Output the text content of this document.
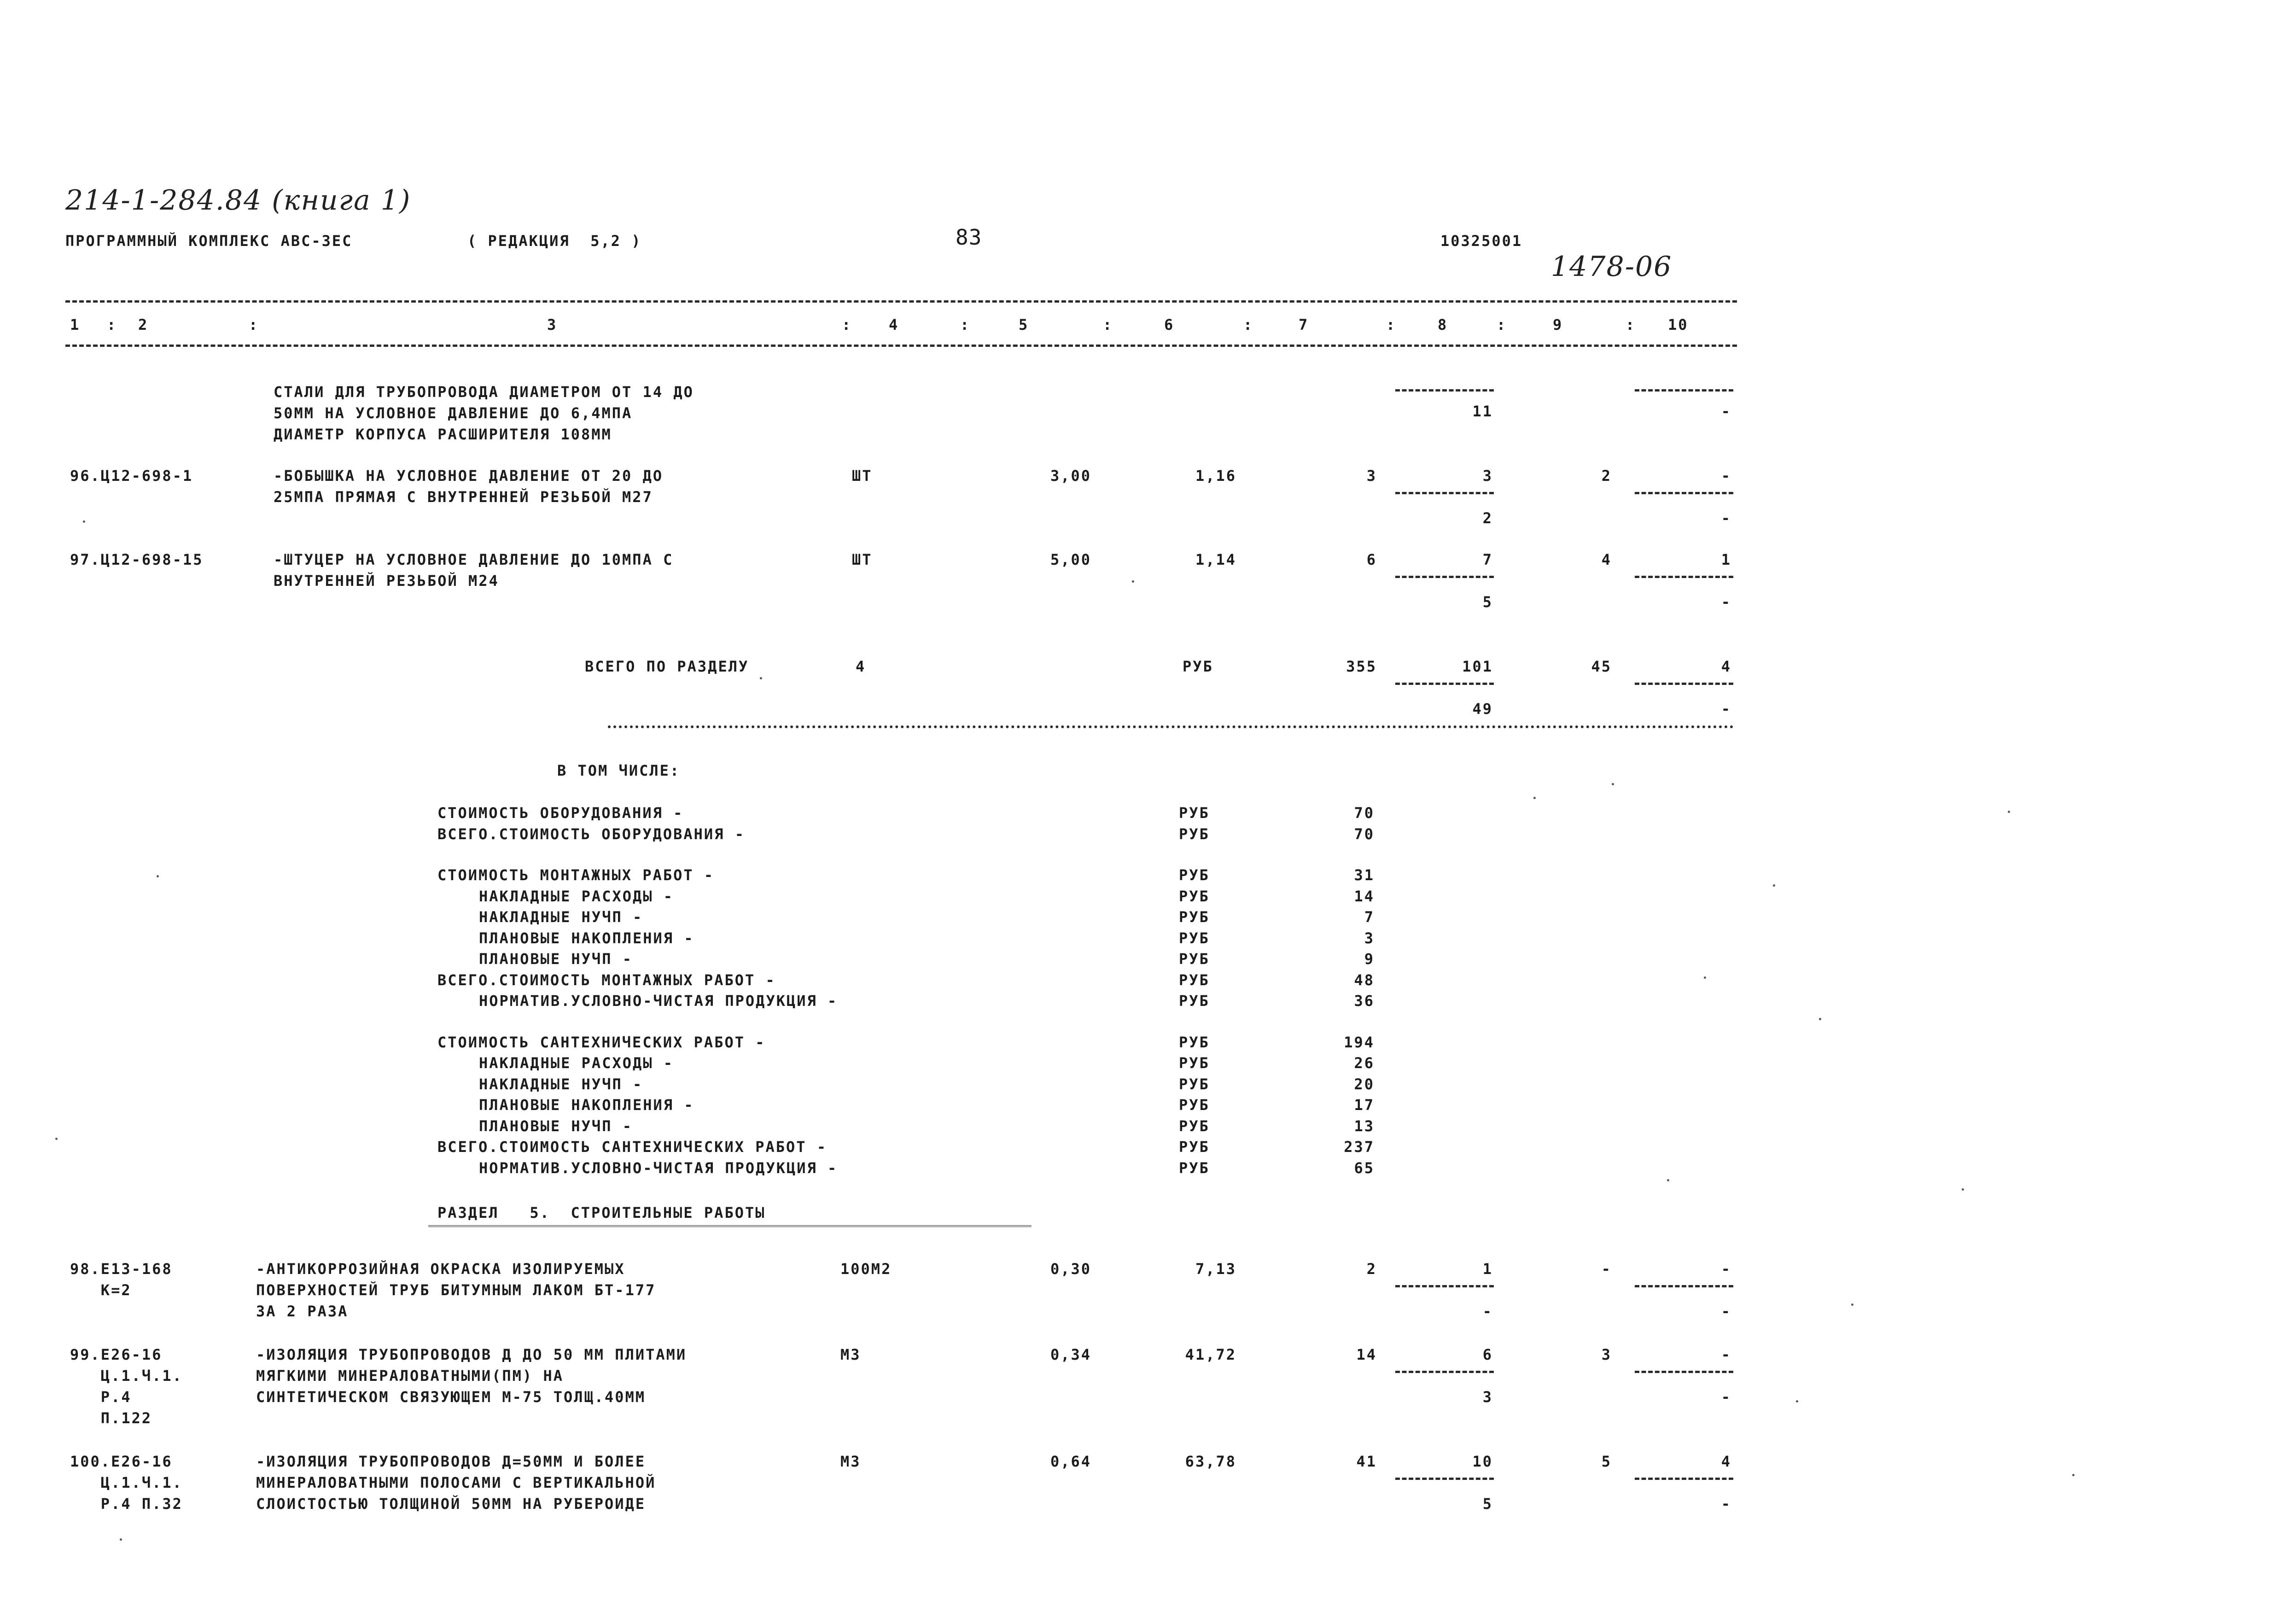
214-1-284.84 (книга 1)
1478-06
ПРОГРАММНЫЙ КОМПЛЕКС АВС-ЗЕС	( РЕДАКЦИЯ  5,2 )	83	10325001
1	2	3	4	5	6	7	8	9	10
:	:	:	:	:	:	:	:	:
СТАЛИ ДЛЯ ТРУБОПРОВОДА ДИАМЕТРОМ ОТ 14 ДО
50ММ НА УСЛОВНОЕ ДАВЛЕНИЕ ДО 6,4МПА
ДИАМЕТР КОРПУСА РАСШИРИТЕЛЯ 108ММ
11	-
96.Ц12-698-1	-БОБЫШКА НА УСЛОВНОЕ ДАВЛЕНИЕ ОТ 20 ДО
25МПА ПРЯМАЯ С ВНУТРЕННЕЙ РЕЗЬБОЙ М27
ШТ	3,00	1,16	3	3	2	-
2	-
97.Ц12-698-15	-ШТУЦЕР НА УСЛОВНОЕ ДАВЛЕНИЕ ДО 10МПА С
ВНУТРЕННЕЙ РЕЗЬБОЙ М24
ШТ	5,00	1,14	6	7	4	1
5	-
ВСЕГО ПО РАЗДЕЛУ	4	РУБ	355	101	45	4
49	-
В ТОМ ЧИСЛЕ:
СТОИМОСТЬ ОБОРУДОВАНИЯ -	РУБ	70
ВСЕГО.СТОИМОСТЬ ОБОРУДОВАНИЯ -	РУБ	70
СТОИМОСТЬ МОНТАЖНЫХ РАБОТ -	РУБ	31
НАКЛАДНЫЕ РАСХОДЫ -	РУБ	14
НАКЛАДНЫЕ НУЧП -	РУБ	7
ПЛАНОВЫЕ НАКОПЛЕНИЯ -	РУБ	3
ПЛАНОВЫЕ НУЧП -	РУБ	9
ВСЕГО.СТОИМОСТЬ МОНТАЖНЫХ РАБОТ -	РУБ	48
НОРМАТИВ.УСЛОВНО-ЧИСТАЯ ПРОДУКЦИЯ -	РУБ	36
СТОИМОСТЬ САНТЕХНИЧЕСКИХ РАБОТ -	РУБ	194
НАКЛАДНЫЕ РАСХОДЫ -	РУБ	26
НАКЛАДНЫЕ НУЧП -	РУБ	20
ПЛАНОВЫЕ НАКОПЛЕНИЯ -	РУБ	17
ПЛАНОВЫЕ НУЧП -	РУБ	13
ВСЕГО.СТОИМОСТЬ САНТЕХНИЧЕСКИХ РАБОТ -	РУБ	237
НОРМАТИВ.УСЛОВНО-ЧИСТАЯ ПРОДУКЦИЯ -	РУБ	65
РАЗДЕЛ   5.  СТРОИТЕЛЬНЫЕ РАБОТЫ
98.Е13-168
К=2
-АНТИКОРРОЗИЙНАЯ ОКРАСКА ИЗОЛИРУЕМЫХ
ПОВЕРХНОСТЕЙ ТРУБ БИТУМНЫМ ЛАКОМ БТ-177
ЗА 2 РАЗА
100М2	0,30	7,13	2	1	-	-
-	-
99.Е26-16
Ц.1.Ч.1.
Р.4
П.122
-ИЗОЛЯЦИЯ ТРУБОПРОВОДОВ Д ДО 50 ММ ПЛИТАМИ
МЯГКИМИ МИНЕРАЛОВАТНЫМИ(ПМ) НА
СИНТЕТИЧЕСКОМ СВЯЗУЮЩЕМ М-75 ТОЛЩ.40ММ
М3	0,34	41,72	14	6	3	-
3	-
100.Е26-16
Ц.1.Ч.1.
Р.4 П.32
-ИЗОЛЯЦИЯ ТРУБОПРОВОДОВ Д=50ММ И БОЛЕЕ
МИНЕРАЛОВАТНЫМИ ПОЛОСАМИ С ВЕРТИКАЛЬНОЙ
СЛОИСТОСТЬЮ ТОЛЩИНОЙ 50ММ НА РУБЕРОИДЕ
М3	0,64	63,78	41	10	5	4
5	-
